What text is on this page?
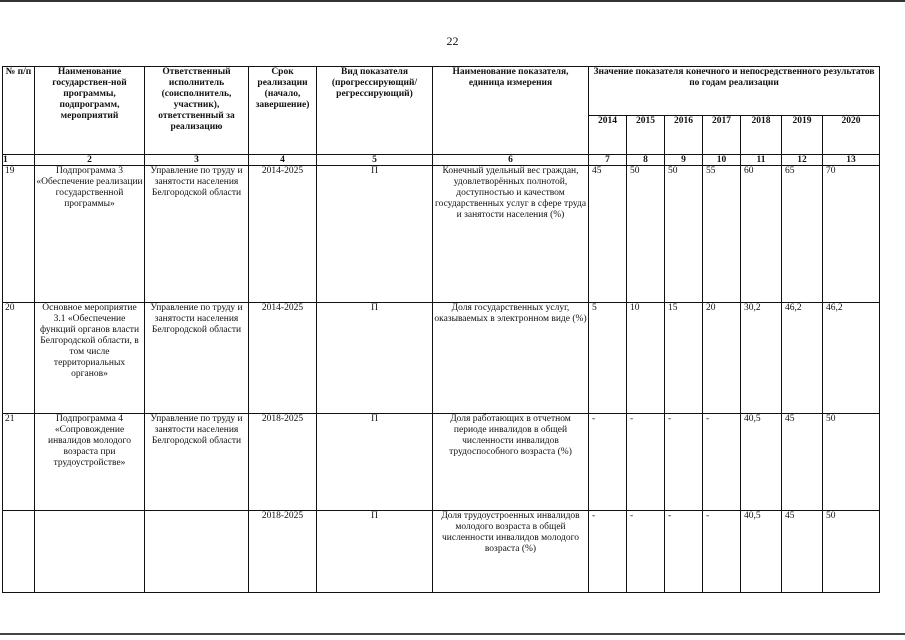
22
№ п/п	Наименование государствен-ной программы, подпрограмм, мероприятий	Ответственный исполнитель (соисполнитель, участник), ответственный за реализацию	Срок реализации (начало, завершение)	Вид показателя (прогрессирующий/ регрессирующий)	Наименование показателя, единица измерения	Значение показателя конечного и непосредственного результатов по годам реализации						
						2014	2015	2016	2017	2018	2019	2020
1	2	3	4	5	6	7	8	9	10	11	12	13
19	Подпрограмма 3 «Обеспечение реализации государственной программы»	Управление по труду и занятости населения Белгородской области	2014-2025	П	Конечный удельный вес граждан, удовлетворённых полнотой, доступностью и качеством государственных услуг в сфере труда и занятости населения (%)	45	50	50	55	60	65	70
20	Основное мероприятие 3.1 «Обеспечение функций органов власти Белгородской области, в том числе территориальных органов»	Управление по труду и занятости населения Белгородской области	2014-2025	П	Доля государственных услуг, оказываемых в электронном виде (%)	5	10	15	20	30,2	46,2	46,2
21	Подпрограмма 4 «Сопровождение инвалидов молодого возраста при трудоустройстве»	Управление по труду и занятости населения Белгородской области	2018-2025	П	Доля работающих в отчетном периоде инвалидов в общей численности инвалидов трудоспособного возраста (%)	-	-	-	-	40,5	45	50
			2018-2025	П	Доля трудоустроенных инвалидов молодого возраста в общей численности инвалидов молодого возраста (%)	-	-	-	-	40,5	45	50
